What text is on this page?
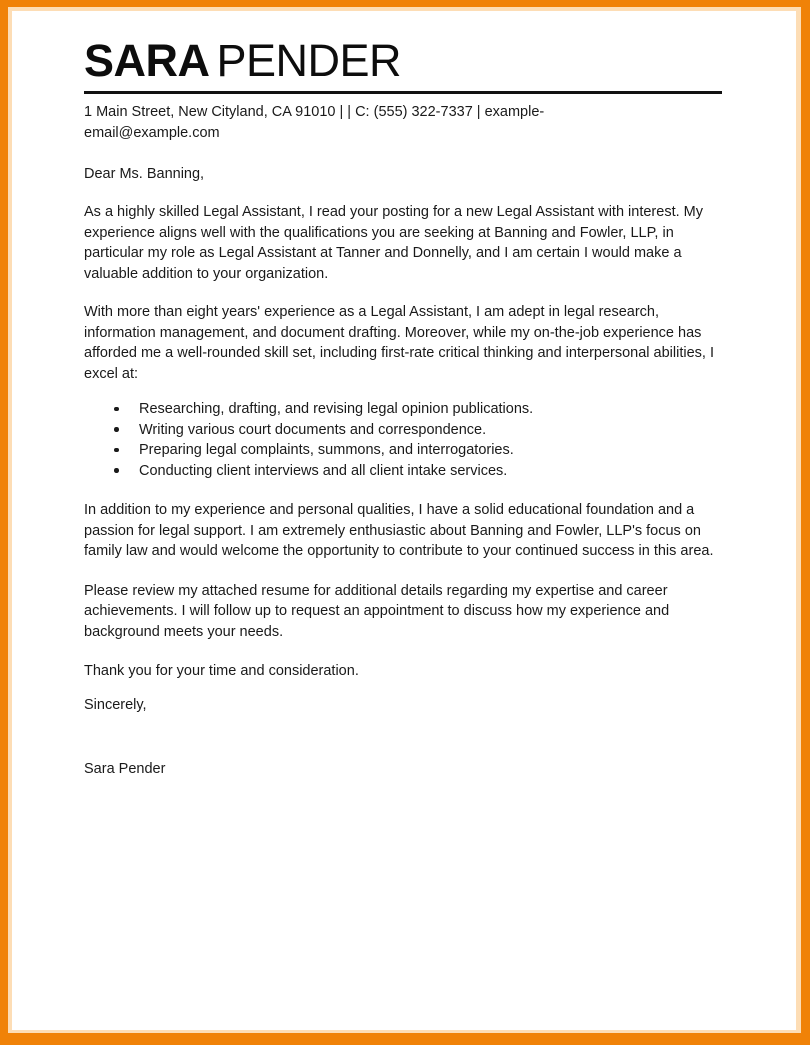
SARA PENDER

1 Main Street, New Cityland, CA 91010 | | C: (555) 322-7337 | example-email@example.com

Dear Ms. Banning,

As a highly skilled Legal Assistant, I read your posting for a new Legal Assistant with interest. My experience aligns well with the qualifications you are seeking at Banning and Fowler, LLP, in particular my role as Legal Assistant at Tanner and Donnelly, and I am certain I would make a valuable addition to your organization.

With more than eight years' experience as a Legal Assistant, I am adept in legal research, information management, and document drafting. Moreover, while my on-the-job experience has afforded me a well-rounded skill set, including first-rate critical thinking and interpersonal abilities, I excel at:

Researching, drafting, and revising legal opinion publications.
Writing various court documents and correspondence.
Preparing legal complaints, summons, and interrogatories.
Conducting client interviews and all client intake services.

In addition to my experience and personal qualities, I have a solid educational foundation and a passion for legal support. I am extremely enthusiastic about Banning and Fowler, LLP's focus on family law and would welcome the opportunity to contribute to your continued success in this area.

Please review my attached resume for additional details regarding my expertise and career achievements. I will follow up to request an appointment to discuss how my experience and background meets your needs.

Thank you for your time and consideration.

Sincerely,

Sara Pender
